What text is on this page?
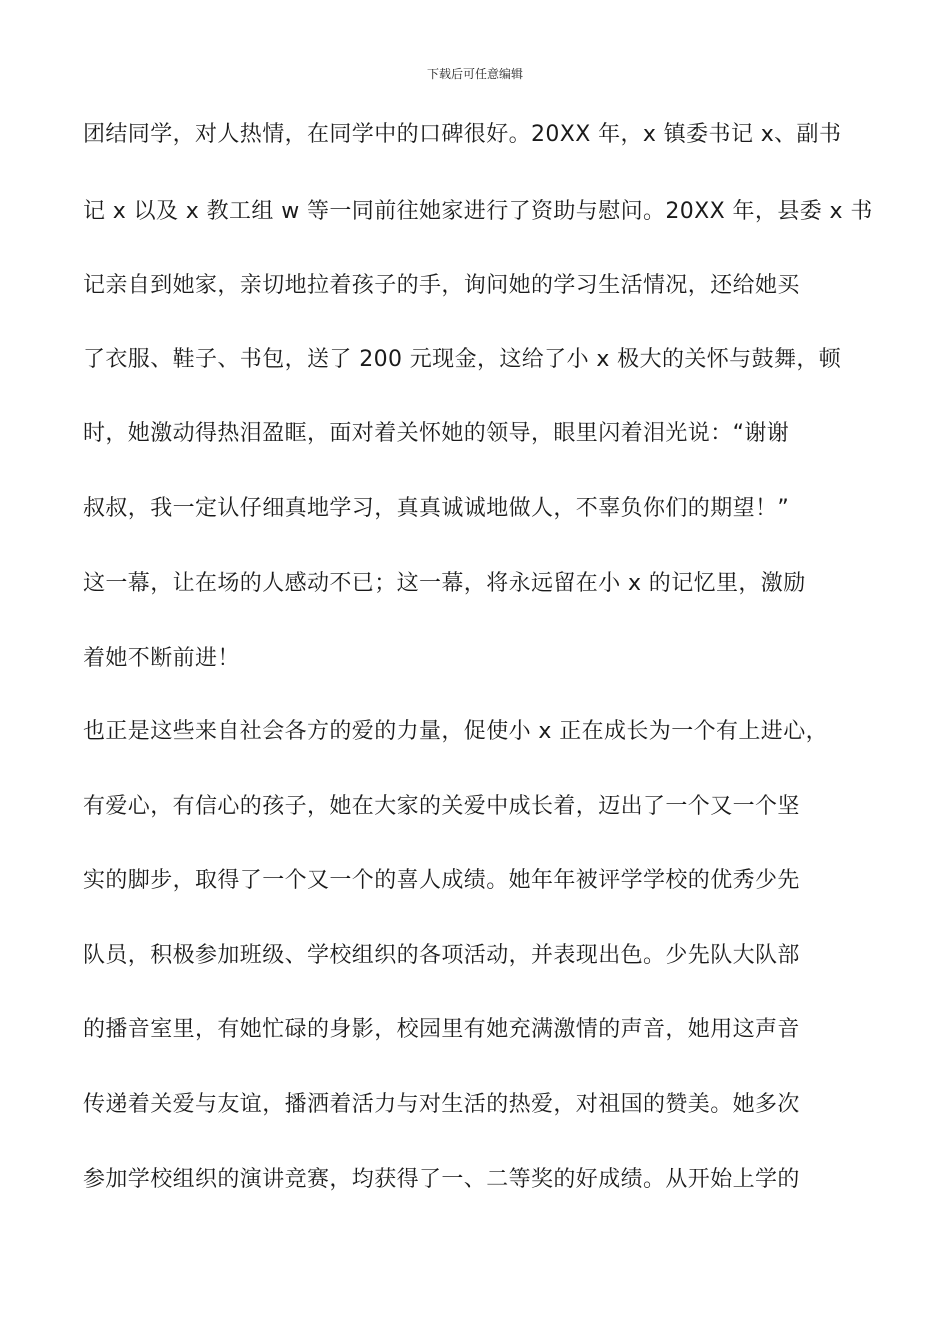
下载后可任意编辑
团结同学，对人热情，在同学中的口碑很好。20XX 年，x 镇委书记 x、副书
记 x 以及 x 教工组 w 等一同前往她家进行了资助与慰问。20XX 年，县委 x 书
记亲自到她家，亲切地拉着孩子的手，询问她的学习生活情况，还给她买
了衣服、鞋子、书包，送了 200 元现金，这给了小 x 极大的关怀与鼓舞，顿
时，她激动得热泪盈眶，面对着关怀她的领导，眼里闪着泪光说：“谢谢
叔叔，我一定认仔细真地学习，真真诚诚地做人，不辜负你们的期望！”
这一幕，让在场的人感动不已；这一幕，将永远留在小 x 的记忆里，激励
着她不断前进！
也正是这些来自社会各方的爱的力量，促使小 x 正在成长为一个有上进心，
有爱心，有信心的孩子，她在大家的关爱中成长着，迈出了一个又一个坚
实的脚步，取得了一个又一个的喜人成绩。她年年被评学学校的优秀少先
队员，积极参加班级、学校组织的各项活动，并表现出色。少先队大队部
的播音室里，有她忙碌的身影，校园里有她充满激情的声音，她用这声音
传递着关爱与友谊，播洒着活力与对生活的热爱，对祖国的赞美。她多次
参加学校组织的演讲竞赛，均获得了一、二等奖的好成绩。从开始上学的
